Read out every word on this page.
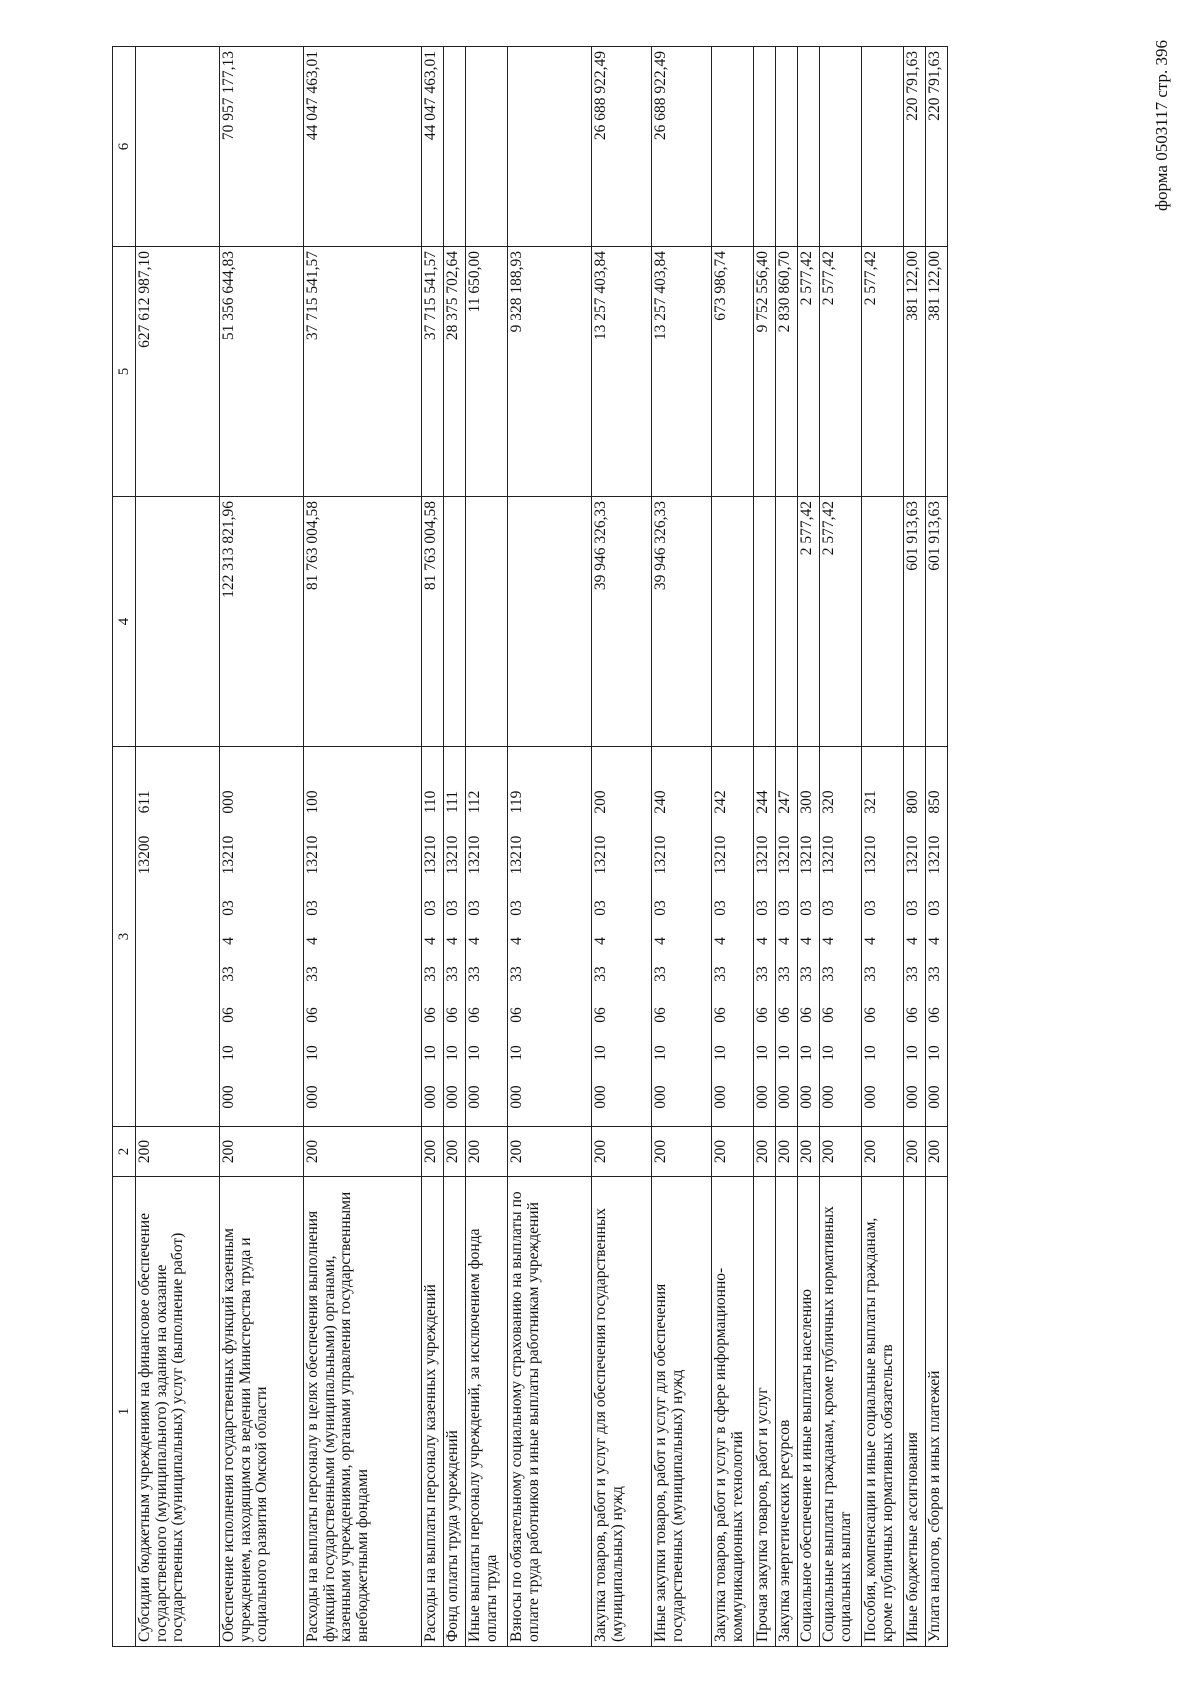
форма 0503117 стр. 396
1	2	3	4	5	6
Субсидии бюджетным учреждениям на финансовое обеспечение государственного (муниципального) задания на оказание государственных (муниципальных) услуг (выполнение работ)	200	13200611		627 612 987,10	
Обеспечение исполнения государственных функций казенным учреждением, находящимся в ведении Министерства труда и социального развития Омской области	200	00010063340313210000	122 313 821,96	51 356 644,83	70 957 177,13
Расходы на выплаты персоналу в целях обеспечения выполнения функций государственными (муниципальными) органами, казенными учреждениями, органами управления государственными внебюджетными фондами	200	00010063340313210100	81 763 004,58	37 715 541,57	44 047 463,01
Расходы на выплаты персоналу казенных учреждений	200	00010063340313210110	81 763 004,58	37 715 541,57	44 047 463,01
Фонд оплаты труда учреждений	200	00010063340313210111		28 375 702,64	
Иные выплаты персоналу учреждений, за исключением фонда оплаты труда	200	00010063340313210112		11 650,00	
Взносы по обязательному социальному страхованию на выплаты по оплате труда работников и иные выплаты работникам учреждений	200	00010063340313210119		9 328 188,93	
Закупка товаров, работ и услуг для обеспечения государственных (муниципальных) нужд	200	00010063340313210200	39 946 326,33	13 257 403,84	26 688 922,49
Иные закупки товаров, работ и услуг для обеспечения государственных (муниципальных) нужд	200	00010063340313210240	39 946 326,33	13 257 403,84	26 688 922,49
Закупка товаров, работ и услуг в сфере информационно-коммуникационных технологий	200	00010063340313210242		673 986,74	
Прочая закупка товаров, работ и услуг	200	00010063340313210244		9 752 556,40	
Закупка энергетических ресурсов	200	00010063340313210247		2 830 860,70	
Социальное обеспечение и иные выплаты населению	200	00010063340313210300	2 577,42	2 577,42	
Социальные выплаты гражданам, кроме публичных нормативных социальных выплат	200	00010063340313210320	2 577,42	2 577,42	
Пособия, компенсации и иные социальные выплаты гражданам, кроме публичных нормативных обязательств	200	00010063340313210321		2 577,42	
Иные бюджетные ассигнования	200	00010063340313210800	601 913,63	381 122,00	220 791,63
Уплата налогов, сборов и иных платежей	200	00010063340313210850	601 913,63	381 122,00	220 791,63
